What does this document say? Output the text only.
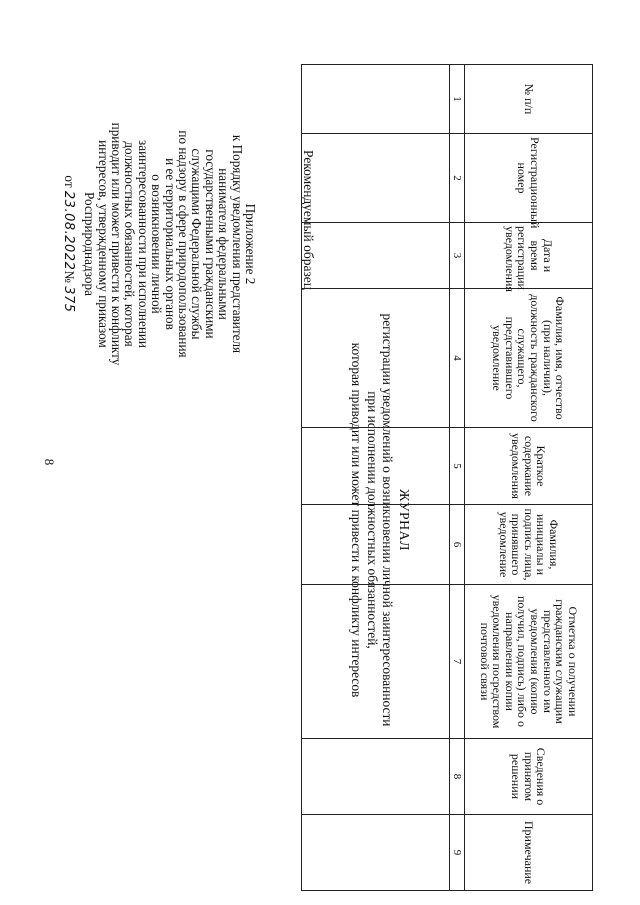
8
Приложение 2
к Порядку уведомления представителя
нанимателя федеральными
государственными гражданскими
служащими Федеральной службы
по надзору в сфере природопользования
и ее территориальных органов
о возникновении личной
заинтересованности при исполнении
должностных обязанностей, которая
приводит или может привести к конфликту
интересов, утвержденному приказом
Росприроднадзора
от 23.08.2022№ 375
Рекомендуемый образец
ЖУРНАЛ
регистрации уведомлений о возникновении личной заинтересованности
при исполнении должностных обязанностей,
которая приводит или может привести к конфликту интересов
№ п/п	Регистрационный номер	Дата и время регистрации уведомления	Фамилия, имя, отчество (при наличии), должность гражданского служащего, представившего уведомление	Краткое содержание уведомления	Фамилия, инициалы и подпись лица, принявшего уведомление	Отметка о получении гражданским служащим представленного им уведомления (копию получил, подпись) либо о направлении копии уведомления посредством почтовой связи	Сведения о принятом решении	Примечание
1	2	3	4	5	6	7	8	9
